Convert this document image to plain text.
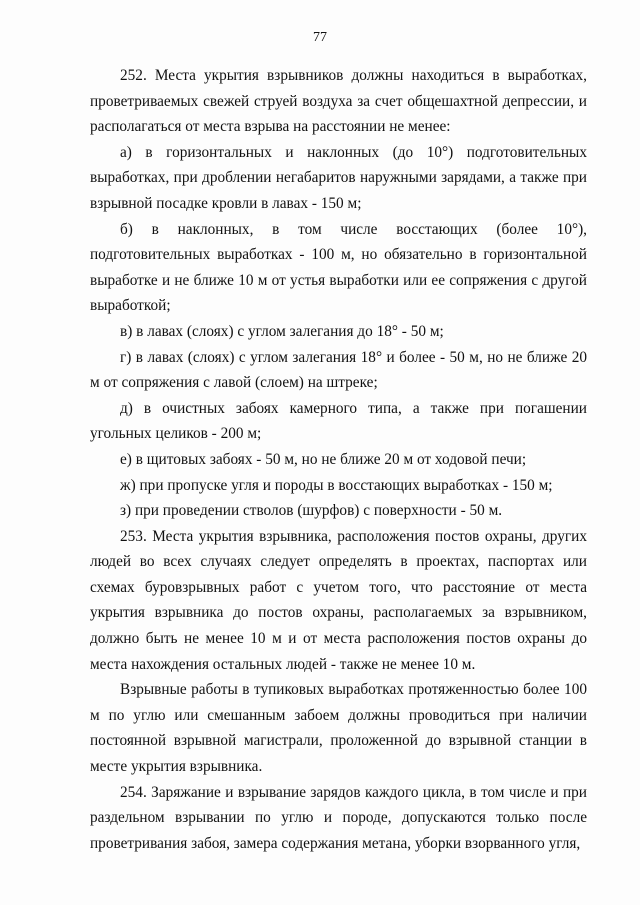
77

252. Места укрытия взрывников должны находиться в выработках, проветриваемых свежей струей воздуха за счет общешахтной депрессии, и располагаться от места взрыва на расстоянии не менее:

а) в горизонтальных и наклонных (до 10°) подготовительных выработках, при дроблении негабаритов наружными зарядами, а также при взрывной посадке кровли в лавах - 150 м;

б) в наклонных, в том числе восстающих (более 10°), подготовительных выработках - 100 м, но обязательно в горизонтальной выработке и не ближе 10 м от устья выработки или ее сопряжения с другой выработкой;

в) в лавах (слоях) с углом залегания до 18° - 50 м;

г) в лавах (слоях) с углом залегания 18° и более - 50 м, но не ближе 20 м от сопряжения с лавой (слоем) на штреке;

д) в очистных забоях камерного типа, а также при погашении угольных целиков - 200 м;

е) в щитовых забоях - 50 м, но не ближе 20 м от ходовой печи;

ж) при пропуске угля и породы в восстающих выработках - 150 м;

з) при проведении стволов (шурфов) с поверхности - 50 м.

253. Места укрытия взрывника, расположения постов охраны, других людей во всех случаях следует определять в проектах, паспортах или схемах буровзрывных работ с учетом того, что расстояние от места укрытия взрывника до постов охраны, располагаемых за взрывником, должно быть не менее 10 м и от места расположения постов охраны до места нахождения остальных людей - также не менее 10 м.

Взрывные работы в тупиковых выработках протяженностью более 100 м по углю или смешанным забоем должны проводиться при наличии постоянной взрывной магистрали, проложенной до взрывной станции в месте укрытия взрывника.

254. Заряжание и взрывание зарядов каждого цикла, в том числе и при раздельном взрывании по углю и породе, допускаются только после проветривания забоя, замера содержания метана, уборки взорванного угля,
